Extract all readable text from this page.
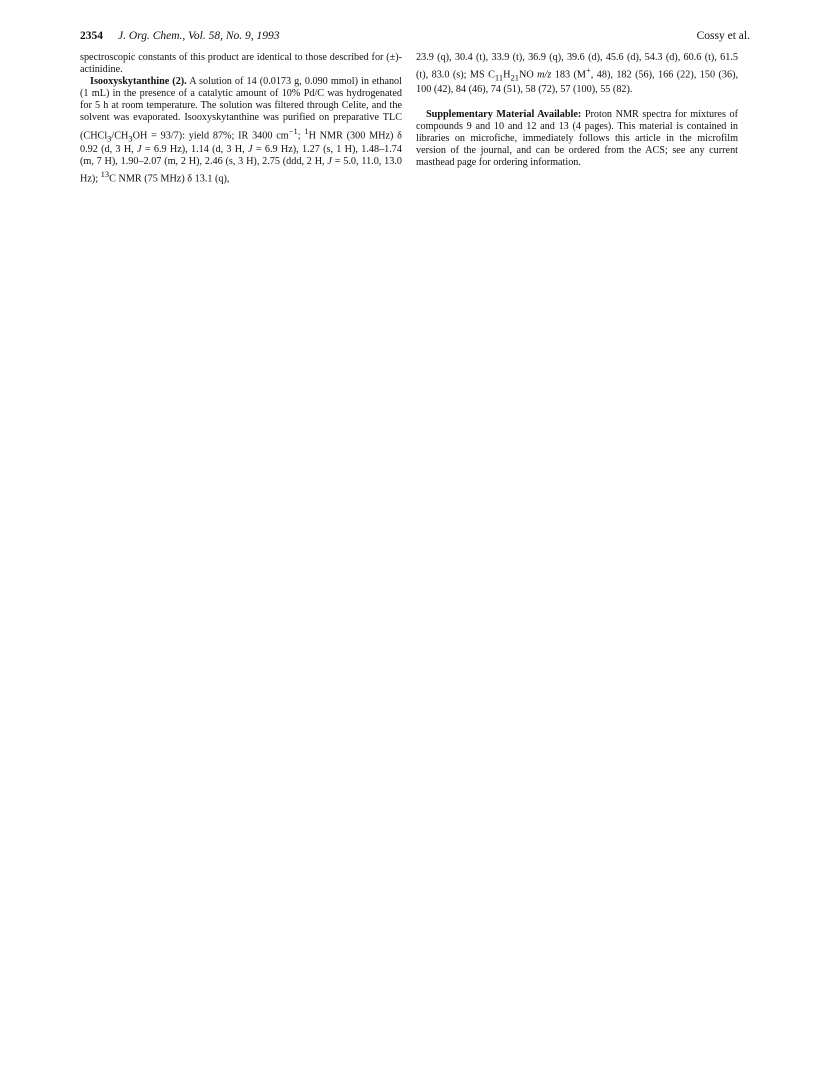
2354 J. Org. Chem., Vol. 58, No. 9, 1993	Cossy et al.

spectroscopic constants of this product are identical to those described for (±)-actinidine.

Isooxyskytanthine (2). A solution of 14 (0.0173 g, 0.090 mmol) in ethanol (1 mL) in the presence of a catalytic amount of 10% Pd/C was hydrogenated for 5 h at room temperature. The solution was filtered through Celite, and the solvent was evaporated. Isooxyskytanthine was purified on preparative TLC $(CHCl_3/CH_3OH = 93/7)$: yield 87%; IR 3400 $cm^{-1}$; $^1$H NMR (300 MHz) δ 0.92 (d, 3 H, J = 6.9 Hz), 1.14 (d, 3 H, J = 6.9 Hz), 1.27 (s, 1 H), 1.48–1.74 (m, 7 H), 1.90–2.07 (m, 2 H), 2.46 (s, 3 H), 2.75 (ddd, 2 H, J = 5.0, 11.0, 13.0 Hz); $^{13}$C NMR (75 MHz) δ 13.1 (q),

23.9 (q), 30.4 (t), 33.9 (t), 36.9 (q), 39.6 (d), 45.6 (d), 54.3 (d), 60.6 (t), 61.5 (t), 83.0 (s); MS $C_{11}H_{21}NO$ m/z 183 (M+, 48), 182 (56), 166 (22), 150 (36), 100 (42), 84 (46), 74 (51), 58 (72), 57 (100), 55 (82).

Supplementary Material Available: Proton NMR spectra for mixtures of compounds 9 and 10 and 12 and 13 (4 pages). This material is contained in libraries on microfiche, immediately follows this article in the microfilm version of the journal, and can be ordered from the ACS; see any current masthead page for ordering information.
